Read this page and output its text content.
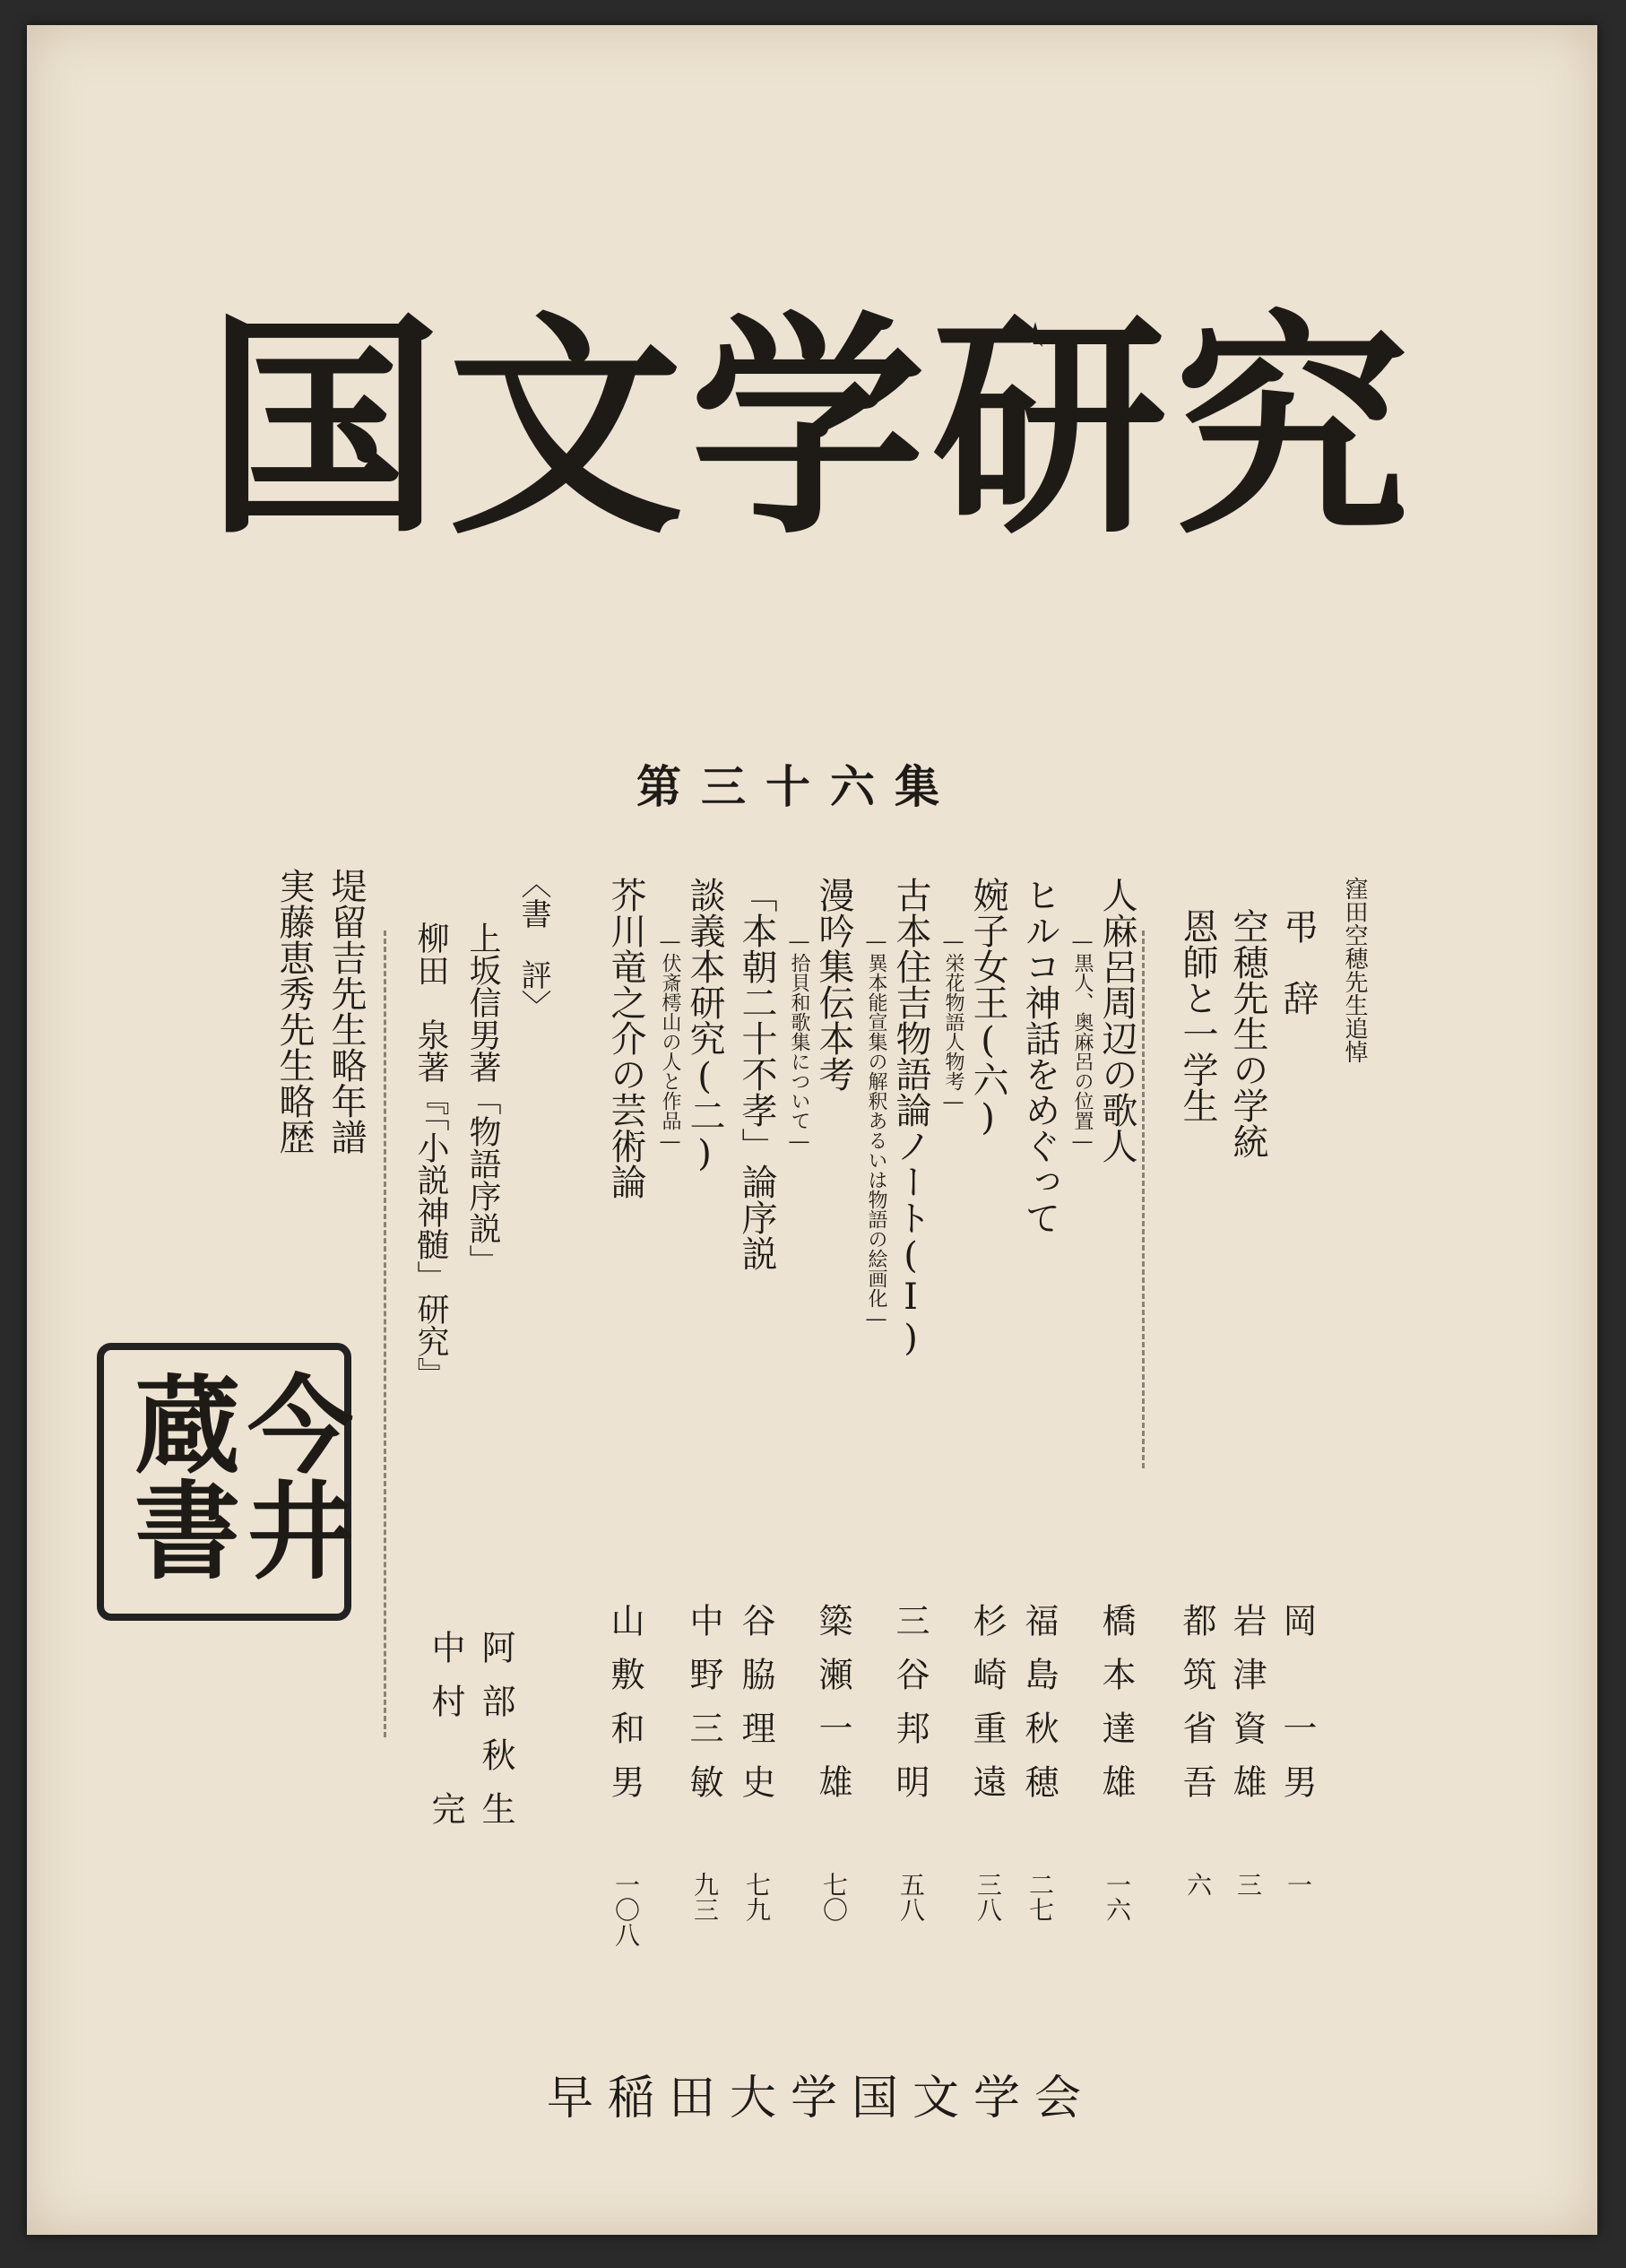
国文学研究
第三十六集
窪田空穂先生追悼
弔　辞
空穂先生の学統
恩師と一学生
人麻呂周辺の歌人
―黒人、奥麻呂の位置―
ヒルコ神話をめぐって
婉子女王(六)
―栄花物語人物考―
古本住吉物語論ノート(I)
―異本能宣集の解釈あるいは物語の絵画化―
漫吟集伝本考
―拾貝和歌集について―
「本朝二十不孝」論序説
談義本研究(二)
―伏斎樗山の人と作品―
芥川竜之介の芸術論
〈書　評〉
上坂信男著「物語序説」
柳田　泉著『「小説神髄」研究』
堤留吉先生略年譜
実藤恵秀先生略歴
岡　一男
一
岩津資雄
三
都筑省吾
六
橋本達雄
一六
福島秋穂
二七
杉崎重遠
三八
三谷邦明
五八
簗瀬一雄
七〇
谷脇理史
七九
中野三敏
九三
山敷和男
一〇八
阿部秋生
中村　完
今井
蔵書
早稲田大学国文学会
